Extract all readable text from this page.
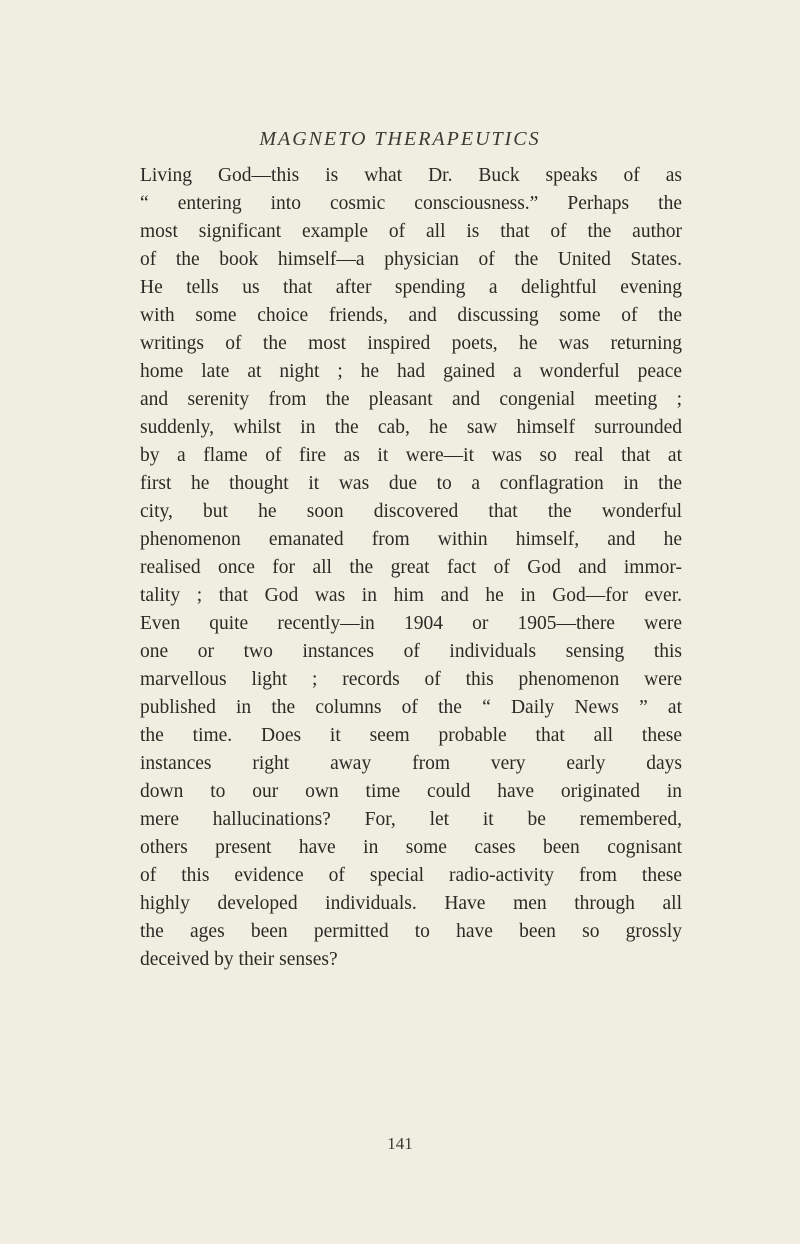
MAGNETO THERAPEUTICS
Living God—this is what Dr. Buck speaks of as
“ entering into cosmic consciousness.” Perhaps the
most significant example of all is that of the author
of the book himself—a physician of the United States.
He tells us that after spending a delightful evening
with some choice friends, and discussing some of the
writings of the most inspired poets, he was returning
home late at night ; he had gained a wonderful peace
and serenity from the pleasant and congenial meeting ;
suddenly, whilst in the cab, he saw himself surrounded
by a flame of fire as it were—it was so real that at
first he thought it was due to a conflagration in the
city, but he soon discovered that the wonderful
phenomenon emanated from within himself, and he
realised once for all the great fact of God and immor-
tality ; that God was in him and he in God—for ever.
Even quite recently—in 1904 or 1905—there were
one or two instances of individuals sensing this
marvellous light ; records of this phenomenon were
published in the columns of the “ Daily News ” at
the time. Does it seem probable that all these
instances right away from very early days
down to our own time could have originated in
mere hallucinations? For, let it be remembered,
others present have in some cases been cognisant
of this evidence of special radio-activity from these
highly developed individuals. Have men through all
the ages been permitted to have been so grossly
deceived by their senses?
141
